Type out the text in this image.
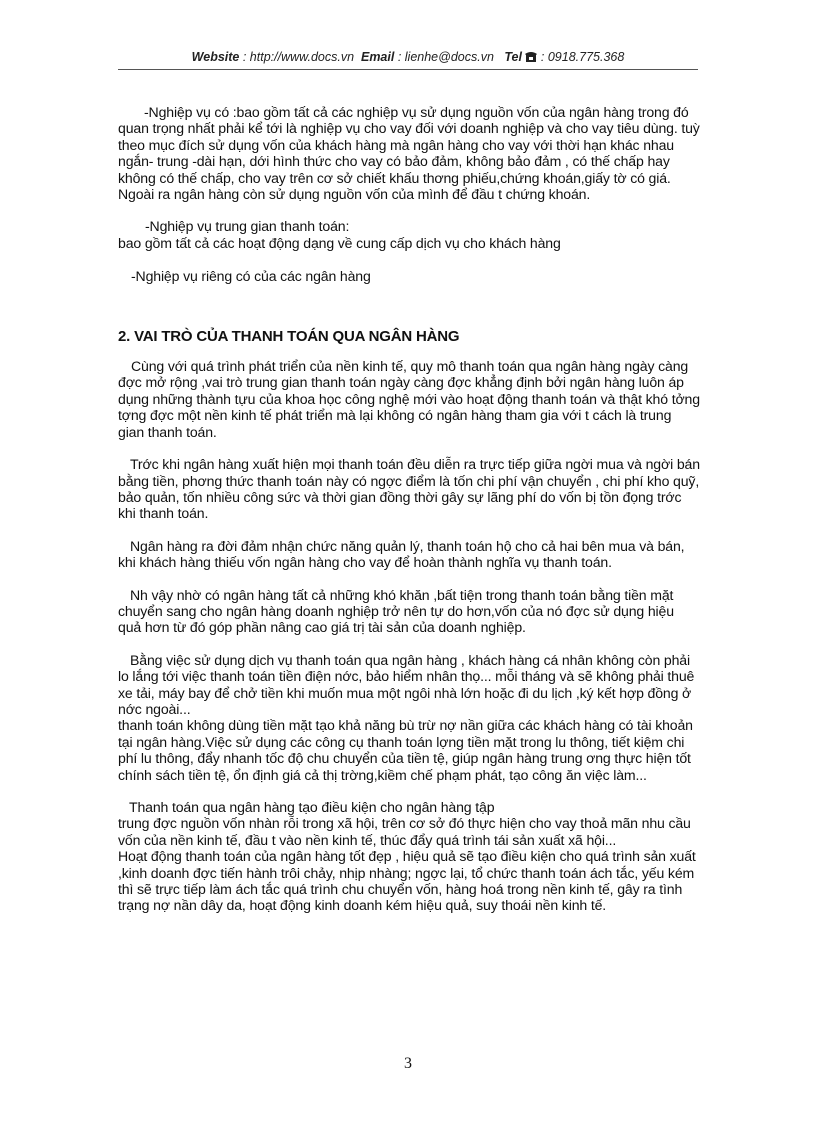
Website : http://www.docs.vn Email : lienhe@docs.vn Tel : 0918.775.368

-Nghiệp vụ có :bao gồm tất cả các nghiệp vụ sử dụng nguồn vốn của ngân hàng trong đó quan trọng nhất phải kể tới là nghiệp vụ cho vay đối với doanh nghiệp và cho vay tiêu dùng. tuỳ theo mục đích sử dụng vốn của khách hàng mà ngân hàng cho vay với thời hạn khác nhau ngắn- trung -dài hạn, dới hình thức cho vay có bảo đảm, không bảo đảm , có thế chấp hay không có thế chấp, cho vay trên cơ sở chiết khấu thơng phiếu,chứng khoán,giấy tờ có giá. Ngoài ra ngân hàng còn sử dụng nguồn vốn của mình để đầu t chứng khoán.

-Nghiệp vụ trung gian thanh toán:

bao gồm tất cả các hoạt động dạng về cung cấp dịch vụ cho khách hàng

-Nghiệp vụ riêng có của các ngân hàng

2. VAI TRÒ CỦA THANH TOÁN QUA NGÂN HÀNG

Cùng với quá trình phát triển của nền kinh tế, quy mô thanh toán qua ngân hàng ngày càng đợc mở rộng ,vai trò trung gian thanh toán ngày càng đợc khẳng định bởi ngân hàng luôn áp dụng những thành tựu của khoa học công nghệ mới vào hoạt động thanh toán và thật khó tởng tợng đợc một nền kinh tế phát triển mà lại không có ngân hàng tham gia với t cách là trung gian thanh toán.

Trớc khi ngân hàng xuất hiện mọi thanh toán đều diễn ra trực tiếp giữa ngời mua và ngời bán bằng tiền, phơng thức thanh toán này có ngợc điểm là tốn chi phí vận chuyển , chi phí kho quỹ, bảo quản, tốn nhiều công sức và thời gian đồng thời gây sự lãng phí do vốn bị tồn đọng trớc khi thanh toán.

Ngân hàng ra đời đảm nhận chức năng quản lý, thanh toán hộ cho cả hai bên mua và bán, khi khách hàng thiếu vốn ngân hàng cho vay để hoàn thành nghĩa vụ thanh toán.

Nh vậy nhờ có ngân hàng tất cả những khó khăn ,bất tiện trong thanh toán bằng tiền mặt chuyển sang cho ngân hàng doanh nghiệp trở nên tự do hơn,vốn của nó đợc sử dụng hiệu quả hơn từ đó góp phần nâng cao giá trị tài sản của doanh nghiệp.

Bằng việc sử dụng dịch vụ thanh toán qua ngân hàng , khách hàng cá nhân không còn phải lo lắng tới việc thanh toán tiền điện nớc, bảo hiểm nhân thọ... mỗi tháng và sẽ không phải thuê xe tải, máy bay để chở tiền khi muốn mua một ngôi nhà lớn hoặc đi du lịch ,ký kết hợp đồng ở nớc ngoài...

thanh toán không dùng tiền mặt tạo khả năng bù trừ nợ nần giữa các khách hàng có tài khoản tại ngân hàng.Việc sử dụng các công cụ thanh toán lợng tiền mặt trong lu thông, tiết kiệm chi phí lu thông, đẩy nhanh tốc độ chu chuyển của tiền tệ, giúp ngân hàng trung ơng thực hiện tốt chính sách tiền tệ, ổn định giá cả thị trờng,kiềm chế phạm phát, tạo công ăn việc làm...

Thanh toán qua ngân hàng tạo điều kiện cho ngân hàng tập

trung đợc nguồn vốn nhàn rỗi trong xã hội, trên cơ sở đó thực hiện cho vay thoả mãn nhu cầu vốn của nền kinh tế, đầu t vào nền kinh tế, thúc đẩy quá trình tái sản xuất xã hội...

Hoạt động thanh toán của ngân hàng tốt đẹp , hiệu quả sẽ tạo điều kiện cho quá trình sản xuất ,kinh doanh đợc tiến hành trôi chảy, nhịp nhàng; ngợc lại, tổ chức thanh toán ách tắc, yếu kém thì sẽ trực tiếp làm ách tắc quá trình chu chuyển vốn, hàng hoá trong nền kinh tế, gây ra tình trạng nợ nần dây da, hoạt động kinh doanh kém hiệu quả, suy thoái nền kinh tế.

3
